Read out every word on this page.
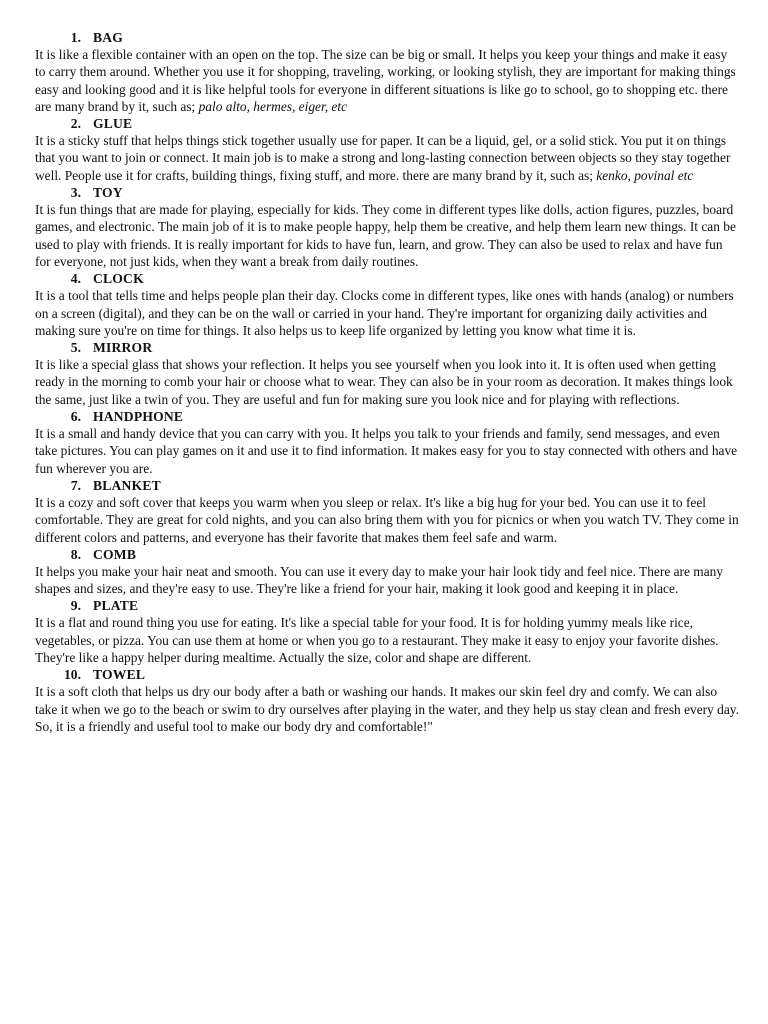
1. BAG

It is like a flexible container with an open on the top. The size can be big or small. It helps you keep your things and make it easy to carry them around. Whether you use it for shopping, traveling, working, or looking stylish, they are important for making things easy and looking good and it is like helpful tools for everyone in different situations is like go to school, go to shopping etc. there are many brand by it, such as; palo alto, hermes, eiger, etc

2. GLUE

It is a sticky stuff that helps things stick together usually use for paper. It can be a liquid, gel, or a solid stick. You put it on things that you want to join or connect. It main job is to make a strong and long-lasting connection between objects so they stay together well. People use it for crafts, building things, fixing stuff, and more. there are many brand by it, such as; kenko, povinal etc

3. TOY

It is fun things that are made for playing, especially for kids. They come in different types like dolls, action figures, puzzles, board games, and electronic. The main job of it is to make people happy, help them be creative, and help them learn new things. It can be used to play with friends. It is really important for kids to have fun, learn, and grow. They can also be used to relax and have fun for everyone, not just kids, when they want a break from daily routines.

4. CLOCK

It is a tool that tells time and helps people plan their day. Clocks come in different types, like ones with hands (analog) or numbers on a screen (digital), and they can be on the wall or carried in your hand. They're important for organizing daily activities and making sure you're on time for things. It also helps us to keep life organized by letting you know what time it is.

5. MIRROR

It is like a special glass that shows your reflection. It helps you see yourself when you look into it. It is often used when getting ready in the morning to comb your hair or choose what to wear. They can also be in your room as decoration. It makes things look the same, just like a twin of you. They are useful and fun for making sure you look nice and for playing with reflections.

6. HANDPHONE

It is a small and handy device that you can carry with you. It helps you talk to your friends and family, send messages, and even take pictures. You can play games on it and use it to find information. It makes easy for you to stay connected with others and have fun wherever you are.

7. BLANKET

It is a cozy and soft cover that keeps you warm when you sleep or relax. It's like a big hug for your bed. You can use it to feel comfortable. They are great for cold nights, and you can also bring them with you for picnics or when you watch TV. They come in different colors and patterns, and everyone has their favorite that makes them feel safe and warm.

8. COMB

It helps you make your hair neat and smooth. You can use it every day to make your hair look tidy and feel nice. There are many shapes and sizes, and they're easy to use. They're like a friend for your hair, making it look good and keeping it in place.

9. PLATE

It is a flat and round thing you use for eating. It's like a special table for your food. It is for holding yummy meals like rice, vegetables, or pizza. You can use them at home or when you go to a restaurant. They make it easy to enjoy your favorite dishes. They're like a happy helper during mealtime. Actually the size, color and shape are different.

10. TOWEL

It is a soft cloth that helps us dry our body after a bath or washing our hands. It makes our skin feel dry and comfy. We can also take it when we go to the beach or swim to dry ourselves after playing in the water, and they help us stay clean and fresh every day. So, it is a friendly and useful tool to make our body dry and comfortable!"
